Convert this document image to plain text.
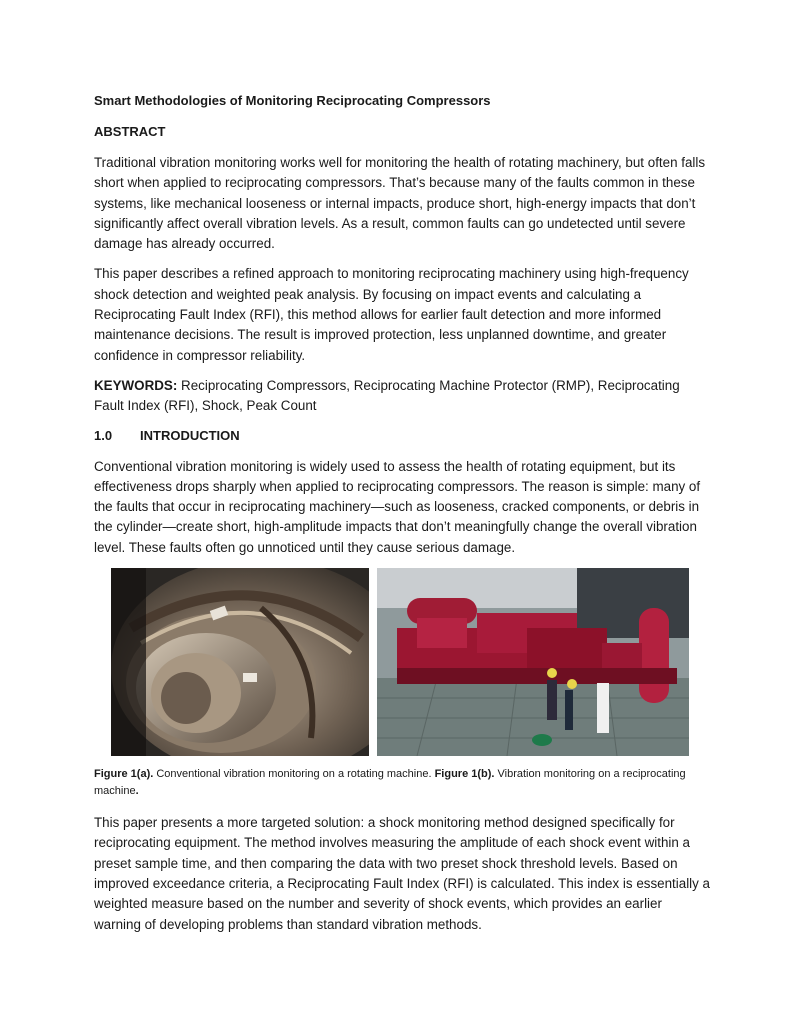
Smart Methodologies of Monitoring Reciprocating Compressors
ABSTRACT

Traditional vibration monitoring works well for monitoring the health of rotating machinery, but often falls short when applied to reciprocating compressors. That’s because many of the faults common in these systems, like mechanical looseness or internal impacts, produce short, high-energy impacts that don’t significantly affect overall vibration levels. As a result, common faults can go undetected until severe damage has already occurred.

This paper describes a refined approach to monitoring reciprocating machinery using high-frequency shock detection and weighted peak analysis. By focusing on impact events and calculating a Reciprocating Fault Index (RFI), this method allows for earlier fault detection and more informed maintenance decisions. The result is improved protection, less unplanned downtime, and greater confidence in compressor reliability.

KEYWORDS: Reciprocating Compressors, Reciprocating Machine Protector (RMP), Reciprocating Fault Index (RFI), Shock, Peak Count

1.0 INTRODUCTION

Conventional vibration monitoring is widely used to assess the health of rotating equipment, but its effectiveness drops sharply when applied to reciprocating compressors. The reason is simple: many of the faults that occur in reciprocating machinery—such as looseness, cracked components, or debris in the cylinder—create short, high-amplitude impacts that don’t meaningfully change the overall vibration level. These faults often go unnoticed until they cause serious damage.

Figure 1(a). Conventional vibration monitoring on a rotating machine. Figure 1(b). Vibration monitoring on a reciprocating machine.

This paper presents a more targeted solution: a shock monitoring method designed specifically for reciprocating equipment. The method involves measuring the amplitude of each shock event within a preset sample time, and then comparing the data with two preset shock threshold levels. Based on improved exceedance criteria, a Reciprocating Fault Index (RFI) is calculated. This index is essentially a weighted measure based on the number and severity of shock events, which provides an earlier warning of developing problems than standard vibration methods.
